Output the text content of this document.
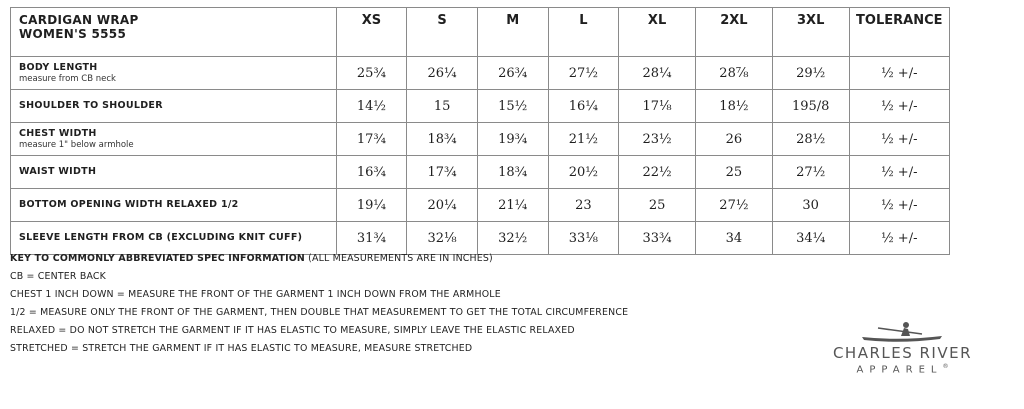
CARDIGAN WRAP
WOMEN'S 5555	XS	S	M	L	XL	2XL	3XL	TOLERANCE

BODY LENGTH
measure from CB neck	25¾	26¼	26¾	27½	28¼	28⅞	29½	½ +/-

SHOULDER TO SHOULDER	14½	15	15½	16¼	17⅛	18½	195/8	½ +/-

CHEST WIDTH
measure 1" below armhole	17¾	18¾	19¾	21½	23½	26	28½	½ +/-

WAIST WIDTH	16¾	17¾	18¾	20½	22½	25	27½	½ +/-

BOTTOM OPENING WIDTH RELAXED 1/2	19¼	20¼	21¼	23	25	27½	30	½ +/-

SLEEVE LENGTH FROM CB (EXCLUDING KNIT CUFF)	31¾	32⅛	32½	33⅛	33¾	34	34¼	½ +/-
KEY TO COMMONLY ABBREVIATED SPEC INFORMATION (ALL MEASUREMENTS ARE IN INCHES)
CB = CENTER BACK
CHEST 1 INCH DOWN = MEASURE THE FRONT OF THE GARMENT 1 INCH DOWN FROM THE ARMHOLE
1/2 = MEASURE ONLY THE FRONT OF THE GARMENT, THEN DOUBLE THAT MEASUREMENT TO GET THE TOTAL CIRCUMFERENCE
RELAXED = DO NOT STRETCH THE GARMENT IF IT HAS ELASTIC TO MEASURE, SIMPLY LEAVE THE ELASTIC RELAXED
STRETCHED = STRETCH THE GARMENT IF IT HAS ELASTIC TO MEASURE, MEASURE STRETCHED	CHARLES RIVER
APPAREL®
